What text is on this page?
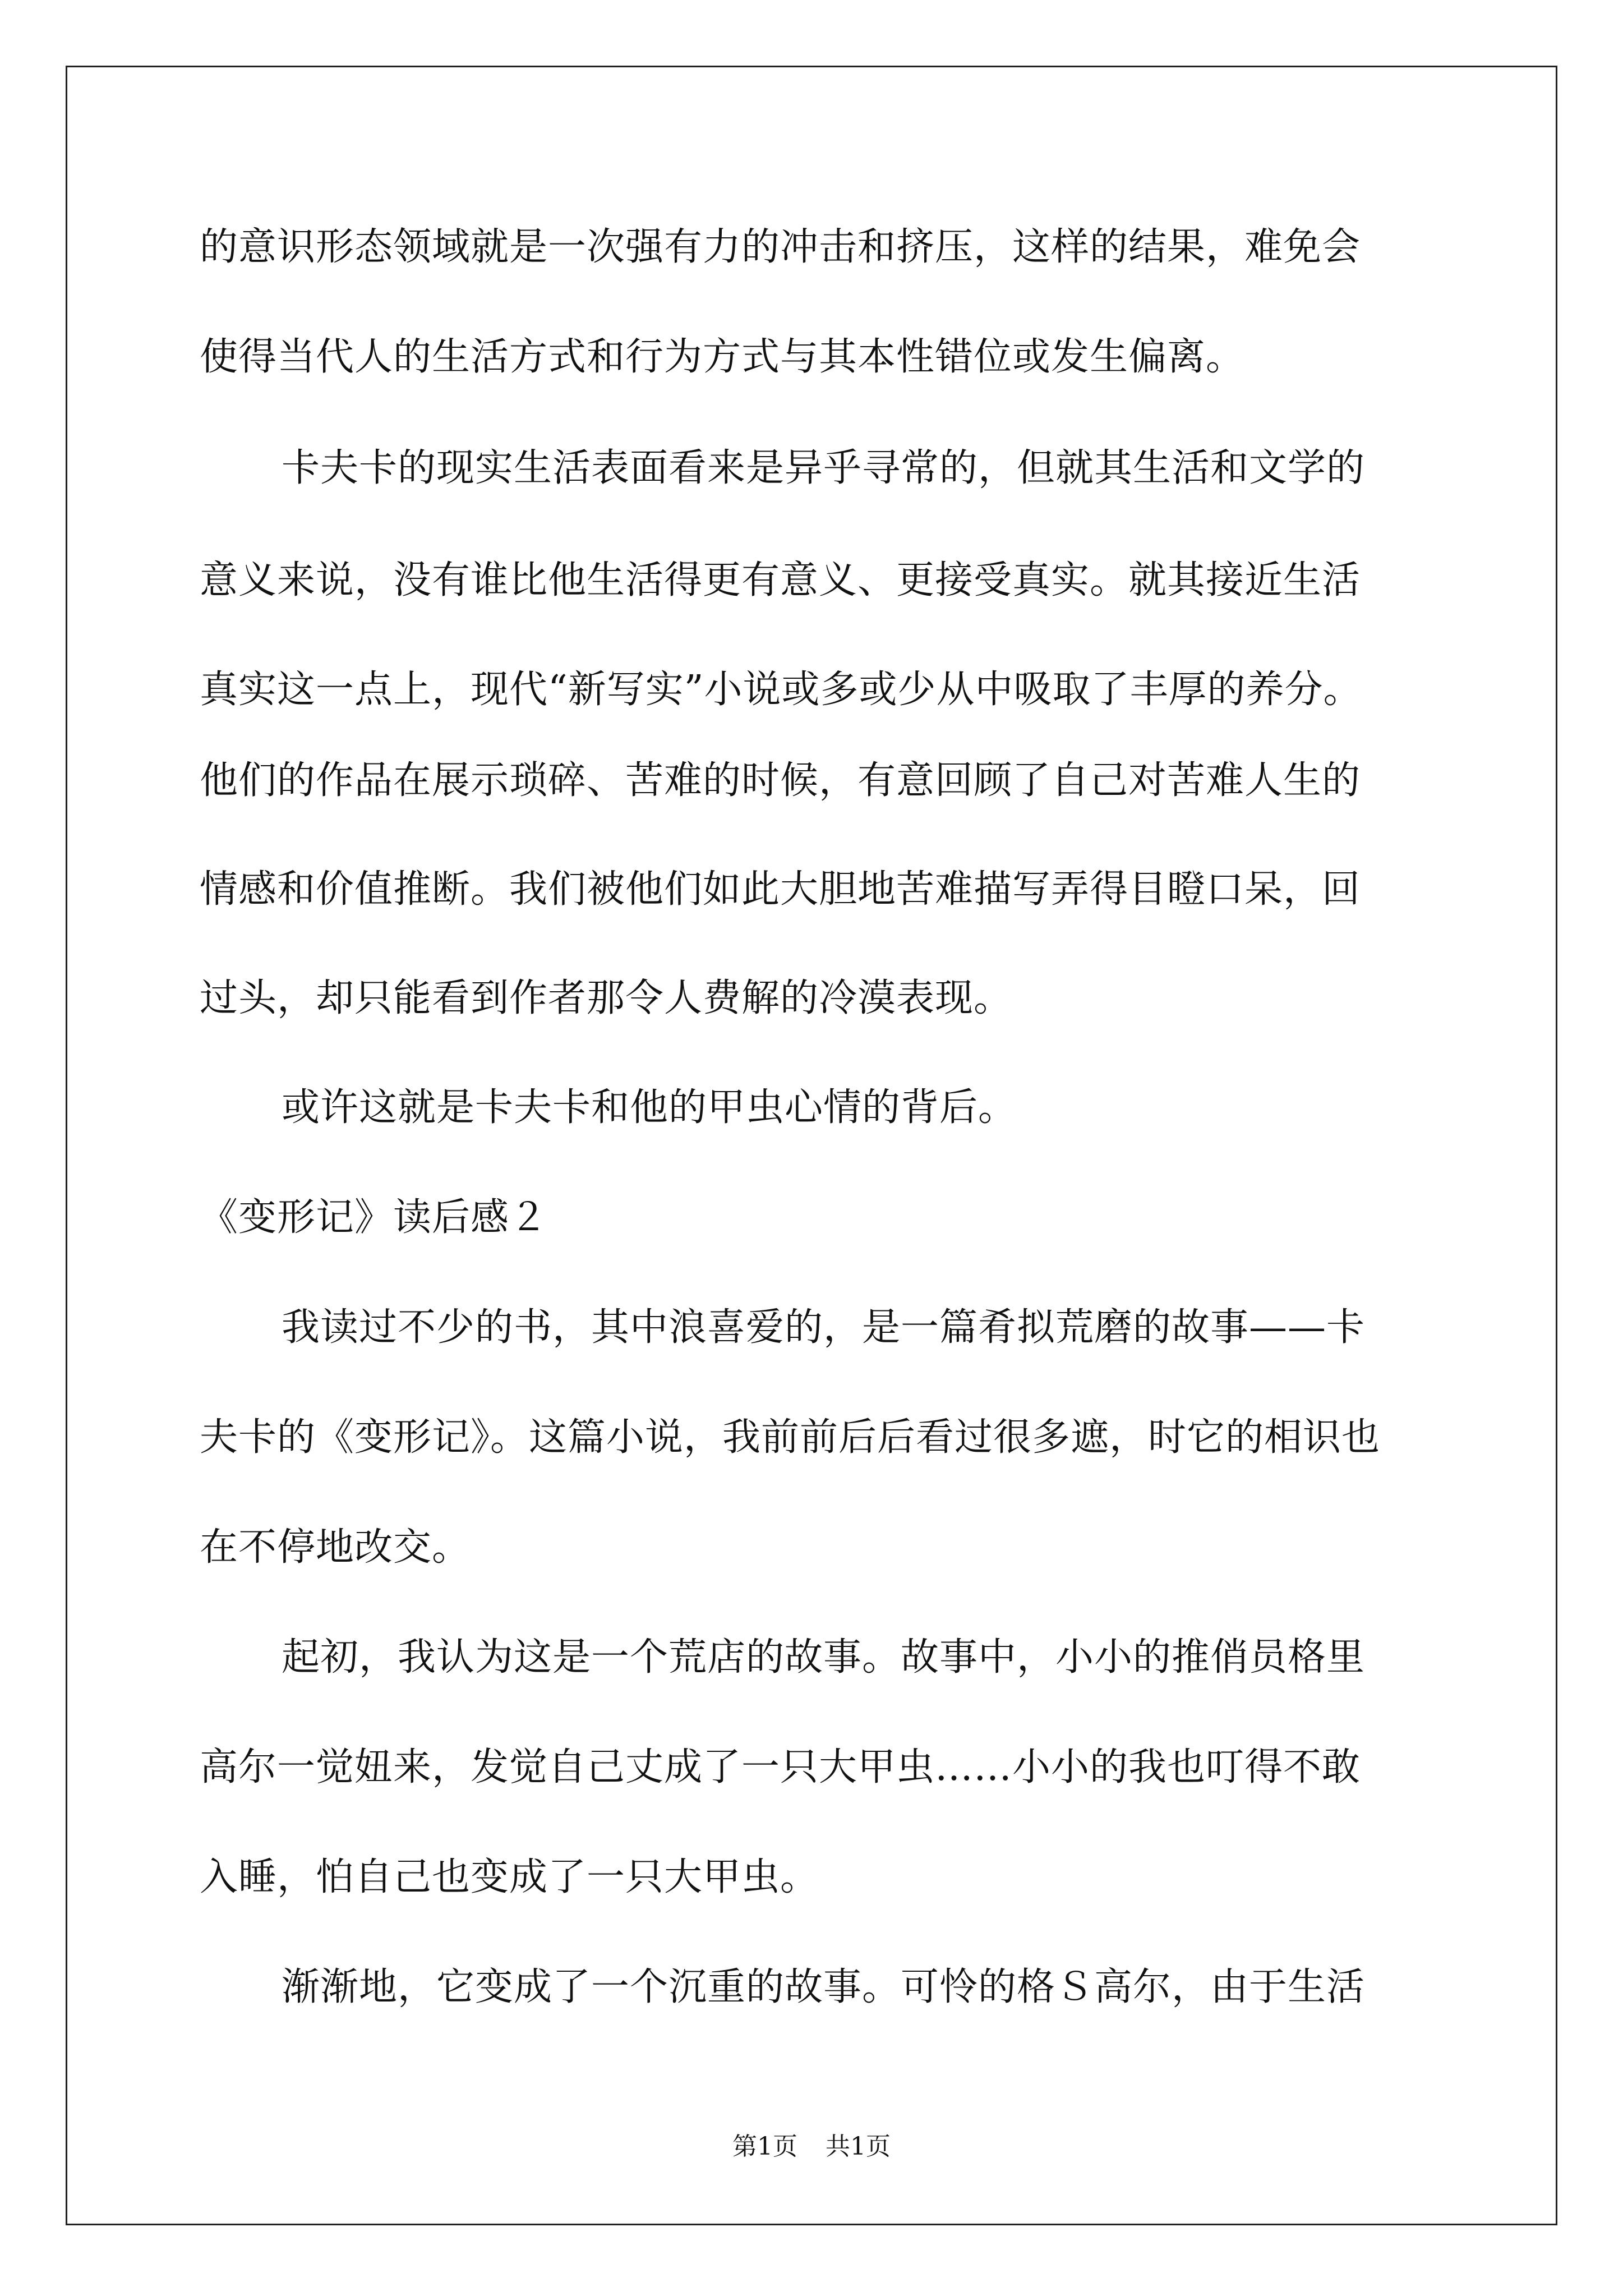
的意识形态领域就是一次强有力的冲击和挤压，这样的结果，难免会
使得当代人的生活方式和行为方式与其本性错位或发生偏离。
卡夫卡的现实生活表面看来是异乎寻常的，但就其生活和文学的
意义来说，没有谁比他生活得更有意义、更接受真实。就其接近生活
真实这一点上，现代“新写实”小说或多或少从中吸取了丰厚的养分。
他们的作品在展示琐碎、苦难的时候，有意回顾了自己对苦难人生的
情感和价值推断。我们被他们如此大胆地苦难描写弄得目瞪口呆，回
过头，却只能看到作者那令人费解的冷漠表现。
或许这就是卡夫卡和他的甲虫心情的背后。
《变形记》读后感２
我读过不少的书，其中浪喜爱的，是一篇肴拟荒磨的故事——卡
夫卡的《变形记》。这篇小说，我前前后后看过很多遮，时它的相识也
在不停地改交。
起初，我认为这是一个荒店的故事。故事中，小小的推俏员格里
高尔一觉妞来，发觉自己丈成了一只大甲虫……小小的我也叮得不敢
入睡，怕自己也变成了一只大甲虫。
渐渐地，它变成了一个沉重的故事。可怜的格Ｓ高尔，由于生活
第1页 共1页
